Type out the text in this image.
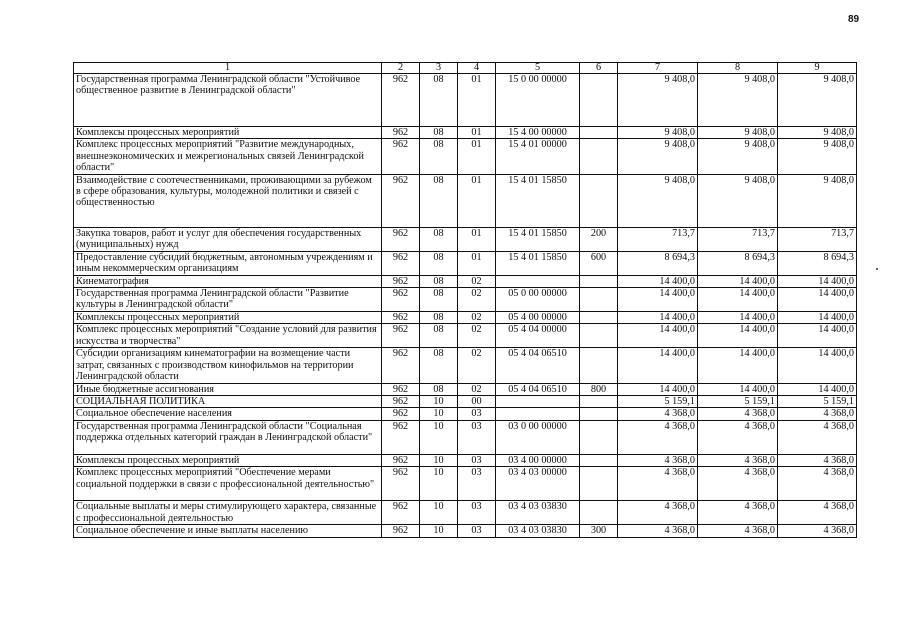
89
1	2	3	4	5	6	7	8	9
Государственная программа Ленинградской области "Устойчивое общественное развитие в Ленинградской области"	962	08	01	15 0 00 00000		9 408,0	9 408,0	9 408,0
Комплексы процессных мероприятий	962	08	01	15 4 00 00000		9 408,0	9 408,0	9 408,0
Комплекс процессных мероприятий "Развитие международных, внешнеэкономических и межрегиональных связей Ленинградской области"	962	08	01	15 4 01 00000		9 408,0	9 408,0	9 408,0
Взаимодействие с соотечественниками, проживающими за рубежом в сфере образования, культуры, молодежной политики и связей с общественностью	962	08	01	15 4 01 15850		9 408,0	9 408,0	9 408,0
Закупка товаров, работ и услуг для обеспечения государственных (муниципальных) нужд	962	08	01	15 4 01 15850	200	713,7	713,7	713,7
Предоставление субсидий бюджетным, автономным учреждениям и иным некоммерческим организациям	962	08	01	15 4 01 15850	600	8 694,3	8 694,3	8 694,3
Кинематография	962	08	02			14 400,0	14 400,0	14 400,0
Государственная программа Ленинградской области "Развитие культуры в Ленинградской области"	962	08	02	05 0 00 00000		14 400,0	14 400,0	14 400,0
Комплексы процессных мероприятий	962	08	02	05 4 00 00000		14 400,0	14 400,0	14 400,0
Комплекс процессных мероприятий "Создание условий для развития искусства и творчества"	962	08	02	05 4 04 00000		14 400,0	14 400,0	14 400,0
Субсидии организациям кинематографии на возмещение части затрат, связанных с производством кинофильмов на территории Ленинградской области	962	08	02	05 4 04 06510		14 400,0	14 400,0	14 400,0
Иные бюджетные ассигнования	962	08	02	05 4 04 06510	800	14 400,0	14 400,0	14 400,0
СОЦИАЛЬНАЯ ПОЛИТИКА	962	10	00			5 159,1	5 159,1	5 159,1
Социальное обеспечение населения	962	10	03			4 368,0	4 368,0	4 368,0
Государственная программа Ленинградской области "Социальная поддержка отдельных категорий граждан в Ленинградской области"	962	10	03	03 0 00 00000		4 368,0	4 368,0	4 368,0
Комплексы процессных мероприятий	962	10	03	03 4 00 00000		4 368,0	4 368,0	4 368,0
Комплекс процессных мероприятий "Обеспечение мерами социальной поддержки в связи с профессиональной деятельностью"	962	10	03	03 4 03 00000		4 368,0	4 368,0	4 368,0
Социальные выплаты и меры стимулирующего характера, связанные с профессиональной деятельностью	962	10	03	03 4 03 03830		4 368,0	4 368,0	4 368,0
Социальное обеспечение и иные выплаты населению	962	10	03	03 4 03 03830	300	4 368,0	4 368,0	4 368,0
